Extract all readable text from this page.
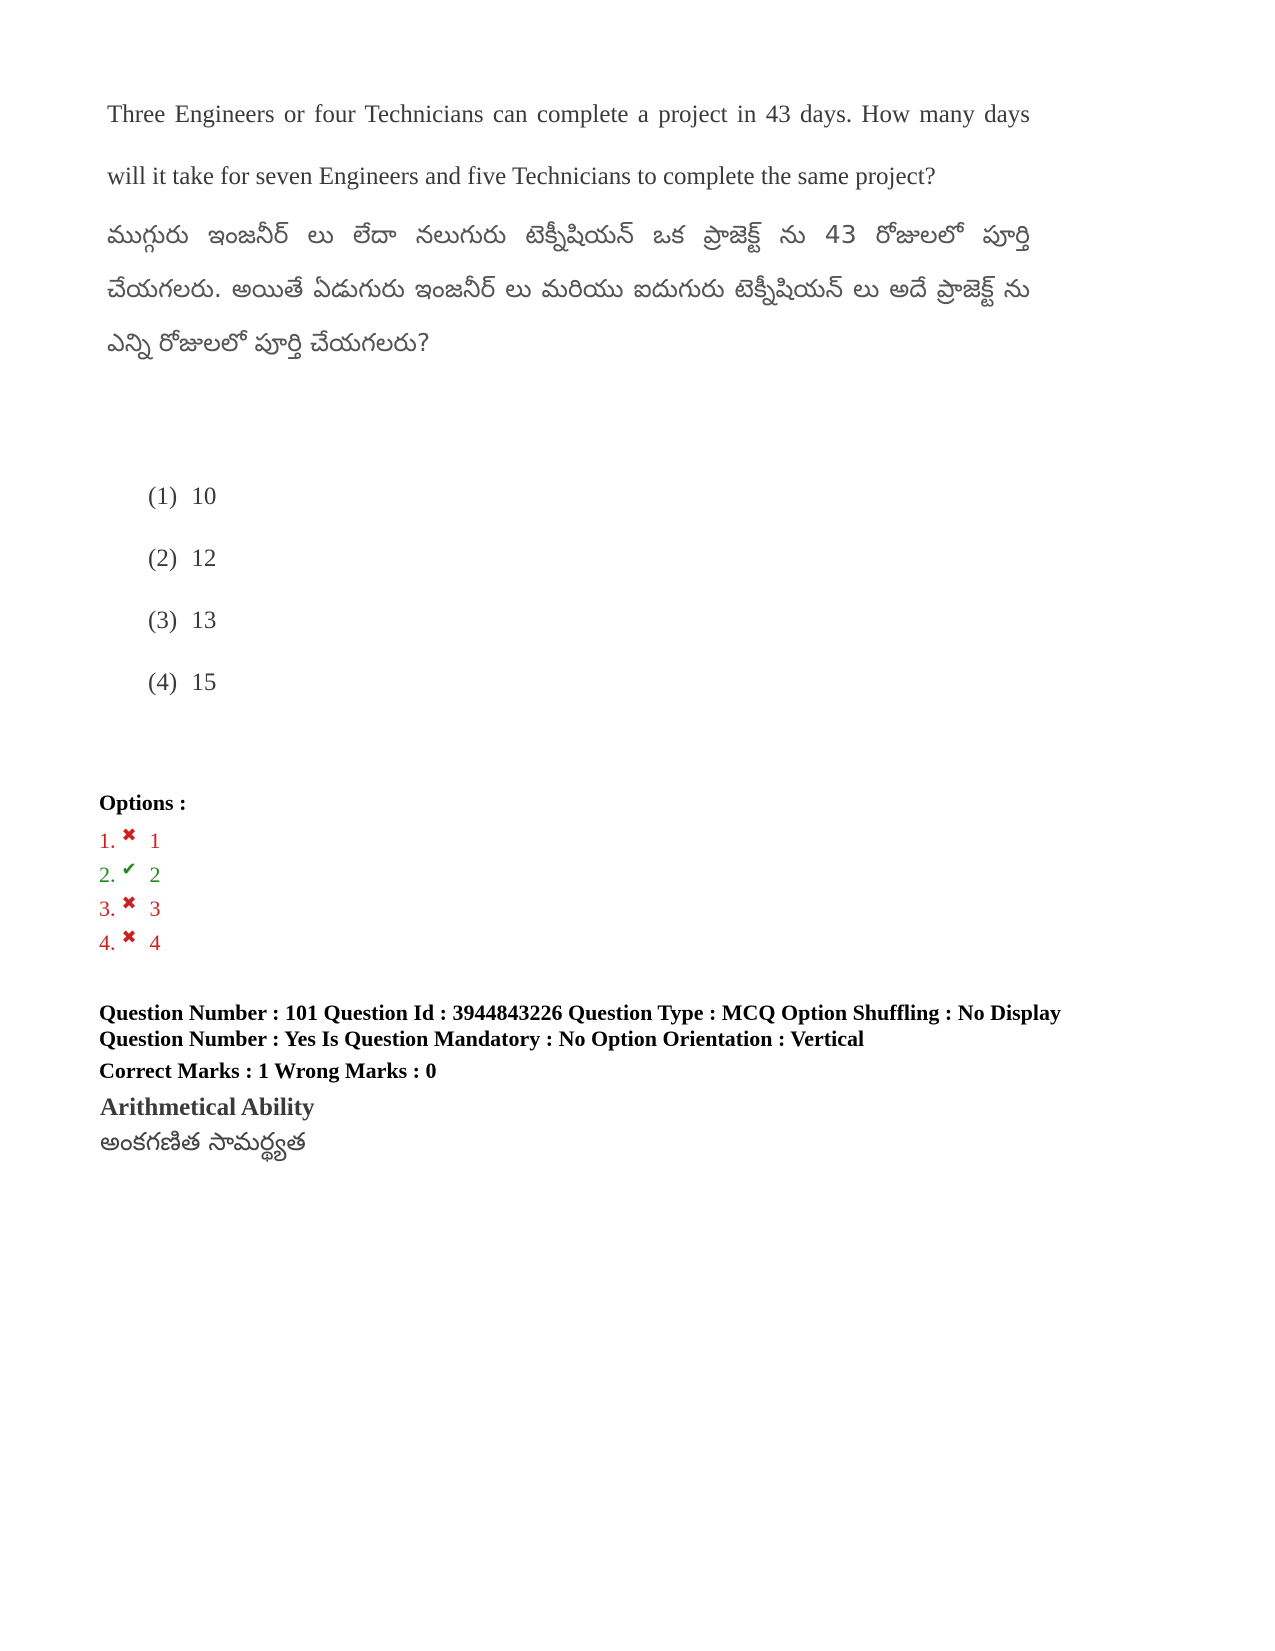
Three Engineers or four Technicians can complete a project in 43 days. How many days will it take for seven Engineers and five Technicians to complete the same project?

ముగ్గురు ఇంజనీర్ లు లేదా నలుగురు టెక్నీషియన్ ఒక ప్రాజెక్ట్ ను 43 రోజులలో పూర్తి చేయగలరు. అయితే ఏడుగురు ఇంజనీర్ లు మరియు ఐదుగురు టెక్నీషియన్ లు అదే ప్రాజెక్ట్ ను ఎన్ని రోజులలో పూర్తి చేయగలరు?

(1) 10
(2) 12
(3) 13
(4) 15
Options :
1. ✖ 1
2. ✔ 2
3. ✖ 3
4. ✖ 4
Question Number : 101 Question Id : 3944843226 Question Type : MCQ Option Shuffling : No Display
Question Number : Yes Is Question Mandatory : No Option Orientation : Vertical
Correct Marks : 1 Wrong Marks : 0
Arithmetical Ability
అంకగణిత సామర్థ్యత
